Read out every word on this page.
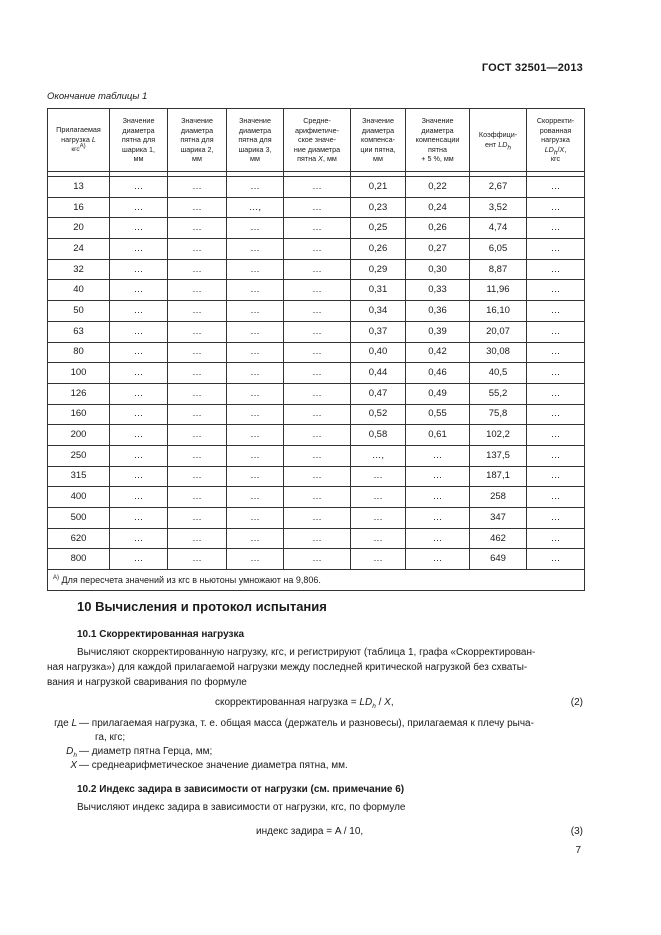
ГОСТ 32501—2013
Окончание таблицы 1
Прилагаемая
нагрузка L
кгс$^{А)}$	Значение
диаметра
пятна для
шарика 1,
мм	Значение
диаметра
пятна для
шарика 2,
мм	Значение
диаметра
пятна для
шарика 3,
мм	Средне-
арифметиче-
ское значе-
ние диаметра
пятна X, мм	Значение
диаметра
компенса-
ции пятна,
мм	Значение
диаметра
компенсации
пятна
+ 5 %, мм	Коэффици-
ент $LD_h$	Скорректи-
рованная
нагрузка
$LD_h/X$,
кгс

13	…	…	…	…	0,21	0,22	2,67	…
16	…	…	…,	…	0,23	0,24	3,52	…
20	…	…	…	…	0,25	0,26	4,74	…
24	…	…	…	…	0,26	0,27	6,05	…
32	…	…	…	…	0,29	0,30	8,87	…
40	…	…	…	…	0,31	0,33	11,96	…
50	…	…	…	…	0,34	0,36	16,10	…
63	…	…	…	…	0,37	0,39	20,07	…
80	…	…	…	…	0,40	0,42	30,08	…
100	…	…	…	…	0,44	0,46	40,5	…
126	…	…	…	…	0,47	0,49	55,2	…
160	…	…	…	…	0,52	0,55	75,8	…
200	…	…	…	…	0,58	0,61	102,2	…
250	…	…	…	…	…,	…	137,5	…
315	…	…	…	…	…	…	187,1	…
400	…	…	…	…	…	…	258	…
500	…	…	…	…	…	…	347	…
620	…	…	…	…	…	…	462	…
800	…	…	…	…	…	…	649	…
$^{А)}$ Для пересчета значений из кгс в ньютоны умножают на 9,806.								
10 Вычисления и протокол испытания
10.1 Скорректированная нагрузка
Вычисляют скорректированную нагрузку, кгс, и регистрируют (таблица 1, графа «Скорректирован-
ная нагрузка») для каждой прилагаемой нагрузки между последней критической нагрузкой без схваты-
вания и нагрузкой сваривания по формуле
скорректированная нагрузка = $LD_h$ / X,	(2)
где L — прилагаемая нагрузка, т. е. общая масса (держатель и разновесы), прилагаемая к плечу рыча-
га, кгс;
$D_h$ — диаметр пятна Герца, мм;
X — среднеарифметическое значение диаметра пятна, мм.
10.2 Индекс задира в зависимости от нагрузки (см. примечание 6)
Вычисляют индекс задира в зависимости от нагрузки, кгс, по формуле
индекс задира = A / 10,	(3)
7
